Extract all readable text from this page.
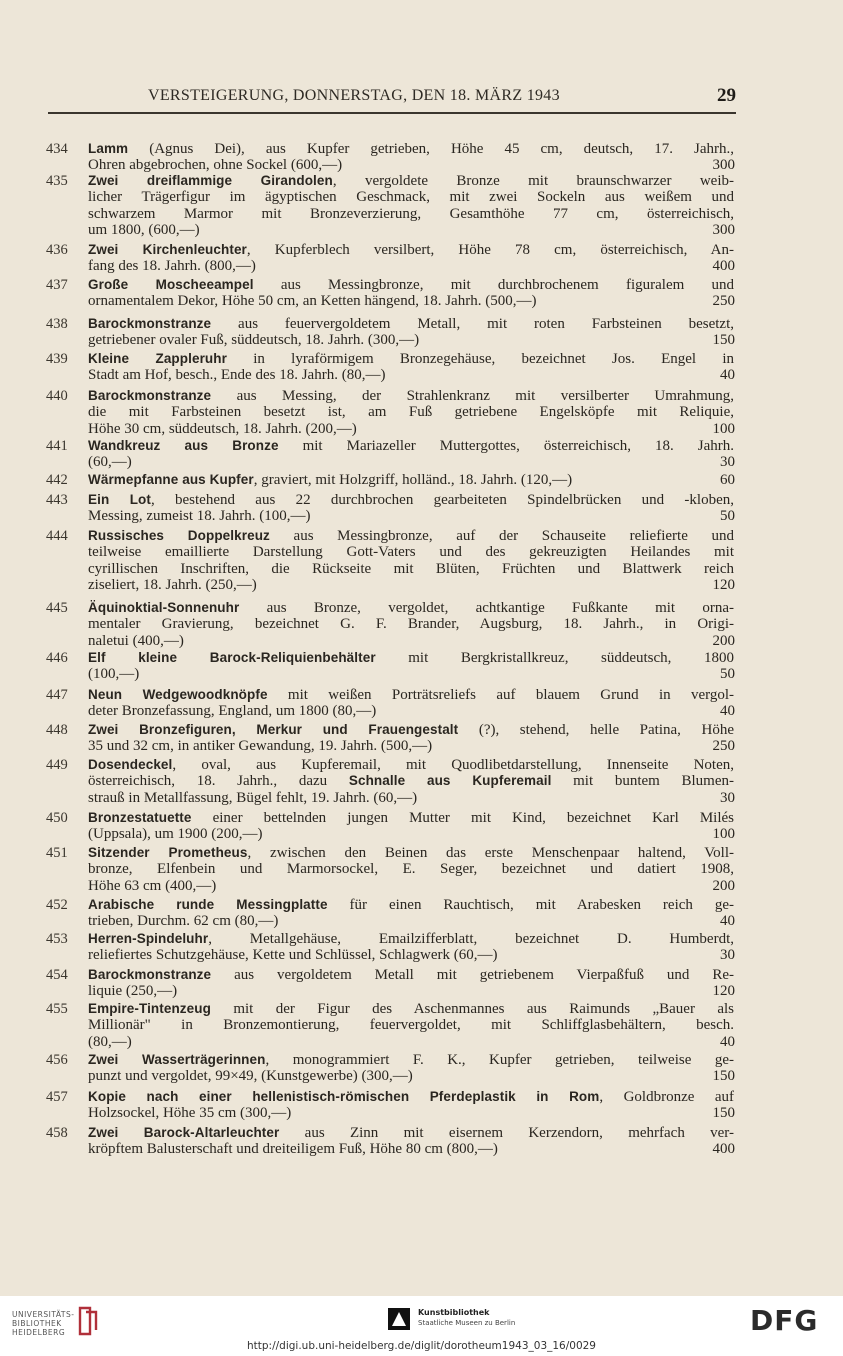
VERSTEIGERUNG, DONNERSTAG, DEN 18. MÄRZ 1943	29
434 Lamm (Agnus Dei), aus Kupfer getrieben, Höhe 45 cm, deutsch, 17. Jahrh.,
Ohren abgebrochen, ohne Sockel (600,—)	300
435 Zwei dreiflammige Girandolen, vergoldete Bronze mit braunschwarzer weib-
licher Trägerfigur im ägyptischen Geschmack, mit zwei Sockeln aus weißem und
schwarzem Marmor mit Bronzeverzierung, Gesamthöhe 77 cm, österreichisch,
um 1800, (600,—)	300
436 Zwei Kirchenleuchter, Kupferblech versilbert, Höhe 78 cm, österreichisch, An-
fang des 18. Jahrh. (800,—)	400
437 Große Moscheeampel aus Messingbronze, mit durchbrochenem figuralem und
ornamentalem Dekor, Höhe 50 cm, an Ketten hängend, 18. Jahrh. (500,—)	250
438 Barockmonstranze aus feuervergoldetem Metall, mit roten Farbsteinen besetzt,
getriebener ovaler Fuß, süddeutsch, 18. Jahrh. (300,—)	150
439 Kleine Zappleruhr in lyraförmigem Bronzegehäuse, bezeichnet Jos. Engel in
Stadt am Hof, besch., Ende des 18. Jahrh. (80,—)	40
440 Barockmonstranze aus Messing, der Strahlenkranz mit versilberter Umrahmung,
die mit Farbsteinen besetzt ist, am Fuß getriebene Engelsköpfe mit Reliquie,
Höhe 30 cm, süddeutsch, 18. Jahrh. (200,—)	100
441 Wandkreuz aus Bronze mit Mariazeller Muttergottes, österreichisch, 18. Jahrh.
(60,—)	30
442 Wärmepfanne aus Kupfer, graviert, mit Holzgriff, holländ., 18. Jahrh. (120,—)	60
443 Ein Lot, bestehend aus 22 durchbrochen gearbeiteten Spindelbrücken und -kloben,
Messing, zumeist 18. Jahrh. (100,—)	50
444 Russisches Doppelkreuz aus Messingbronze, auf der Schauseite reliefierte und
teilweise emaillierte Darstellung Gott-Vaters und des gekreuzigten Heilandes mit
cyrillischen Inschriften, die Rückseite mit Blüten, Früchten und Blattwerk reich
ziseliert, 18. Jahrh. (250,—)	120
445 Äquinoktial-Sonnenuhr aus Bronze, vergoldet, achtkantige Fußkante mit orna-
mentaler Gravierung, bezeichnet G. F. Brander, Augsburg, 18. Jahrh., in Origi-
naletui (400,—)	200
446 Elf kleine Barock-Reliquienbehälter mit Bergkristallkreuz, süddeutsch, 1800
(100,—)	50
447 Neun Wedgewoodknöpfe mit weißen Porträtsreliefs auf blauem Grund in vergol-
deter Bronzefassung, England, um 1800 (80,—)	40
448 Zwei Bronzefiguren, Merkur und Frauengestalt (?), stehend, helle Patina, Höhe
35 und 32 cm, in antiker Gewandung, 19. Jahrh. (500,—)	250
449 Dosendeckel, oval, aus Kupferemail, mit Quodlibetdarstellung, Innenseite Noten,
österreichisch, 18. Jahrh., dazu Schnalle aus Kupferemail mit buntem Blumen-
strauß in Metallfassung, Bügel fehlt, 19. Jahrh. (60,—)	30
450 Bronzestatuette einer bettelnden jungen Mutter mit Kind, bezeichnet Karl Milés
(Uppsala), um 1900 (200,—)	100
451 Sitzender Prometheus, zwischen den Beinen das erste Menschenpaar haltend, Voll-
bronze, Elfenbein und Marmorsockel, E. Seger, bezeichnet und datiert 1908,
Höhe 63 cm (400,—)	200
452 Arabische runde Messingplatte für einen Rauchtisch, mit Arabesken reich ge-
trieben, Durchm. 62 cm (80,—)	40
453 Herren-Spindeluhr, Metallgehäuse, Emailzifferblatt, bezeichnet D. Humberdt,
reliefiertes Schutzgehäuse, Kette und Schlüssel, Schlagwerk (60,—)	30
454 Barockmonstranze aus vergoldetem Metall mit getriebenem Vierpaßfuß und Re-
liquie (250,—)	120
455 Empire-Tintenzeug mit der Figur des Aschenmannes aus Raimunds „Bauer als
Millionär" in Bronzemontierung, feuervergoldet, mit Schliffglasbehältern, besch.
(80,—)	40
456 Zwei Wasserträgerinnen, monogrammiert F. K., Kupfer getrieben, teilweise ge-
punzt und vergoldet, 99×49, (Kunstgewerbe) (300,—)	150
457 Kopie nach einer hellenistisch-römischen Pferdeplastik in Rom, Goldbronze auf
Holzsockel, Höhe 35 cm (300,—)	150
458 Zwei Barock-Altarleuchter aus Zinn mit eisernem Kerzendorn, mehrfach ver-
kröpftem Balusterschaft und dreiteiligem Fuß, Höhe 80 cm (800,—)	400
UNIVERSITÄTS-
BIBLIOTHEK
HEIDELBERG
Kunstbibliothek
Staatliche Museen zu Berlin	DFG
http://digi.ub.uni-heidelberg.de/diglit/dorotheum1943_03_16/0029
